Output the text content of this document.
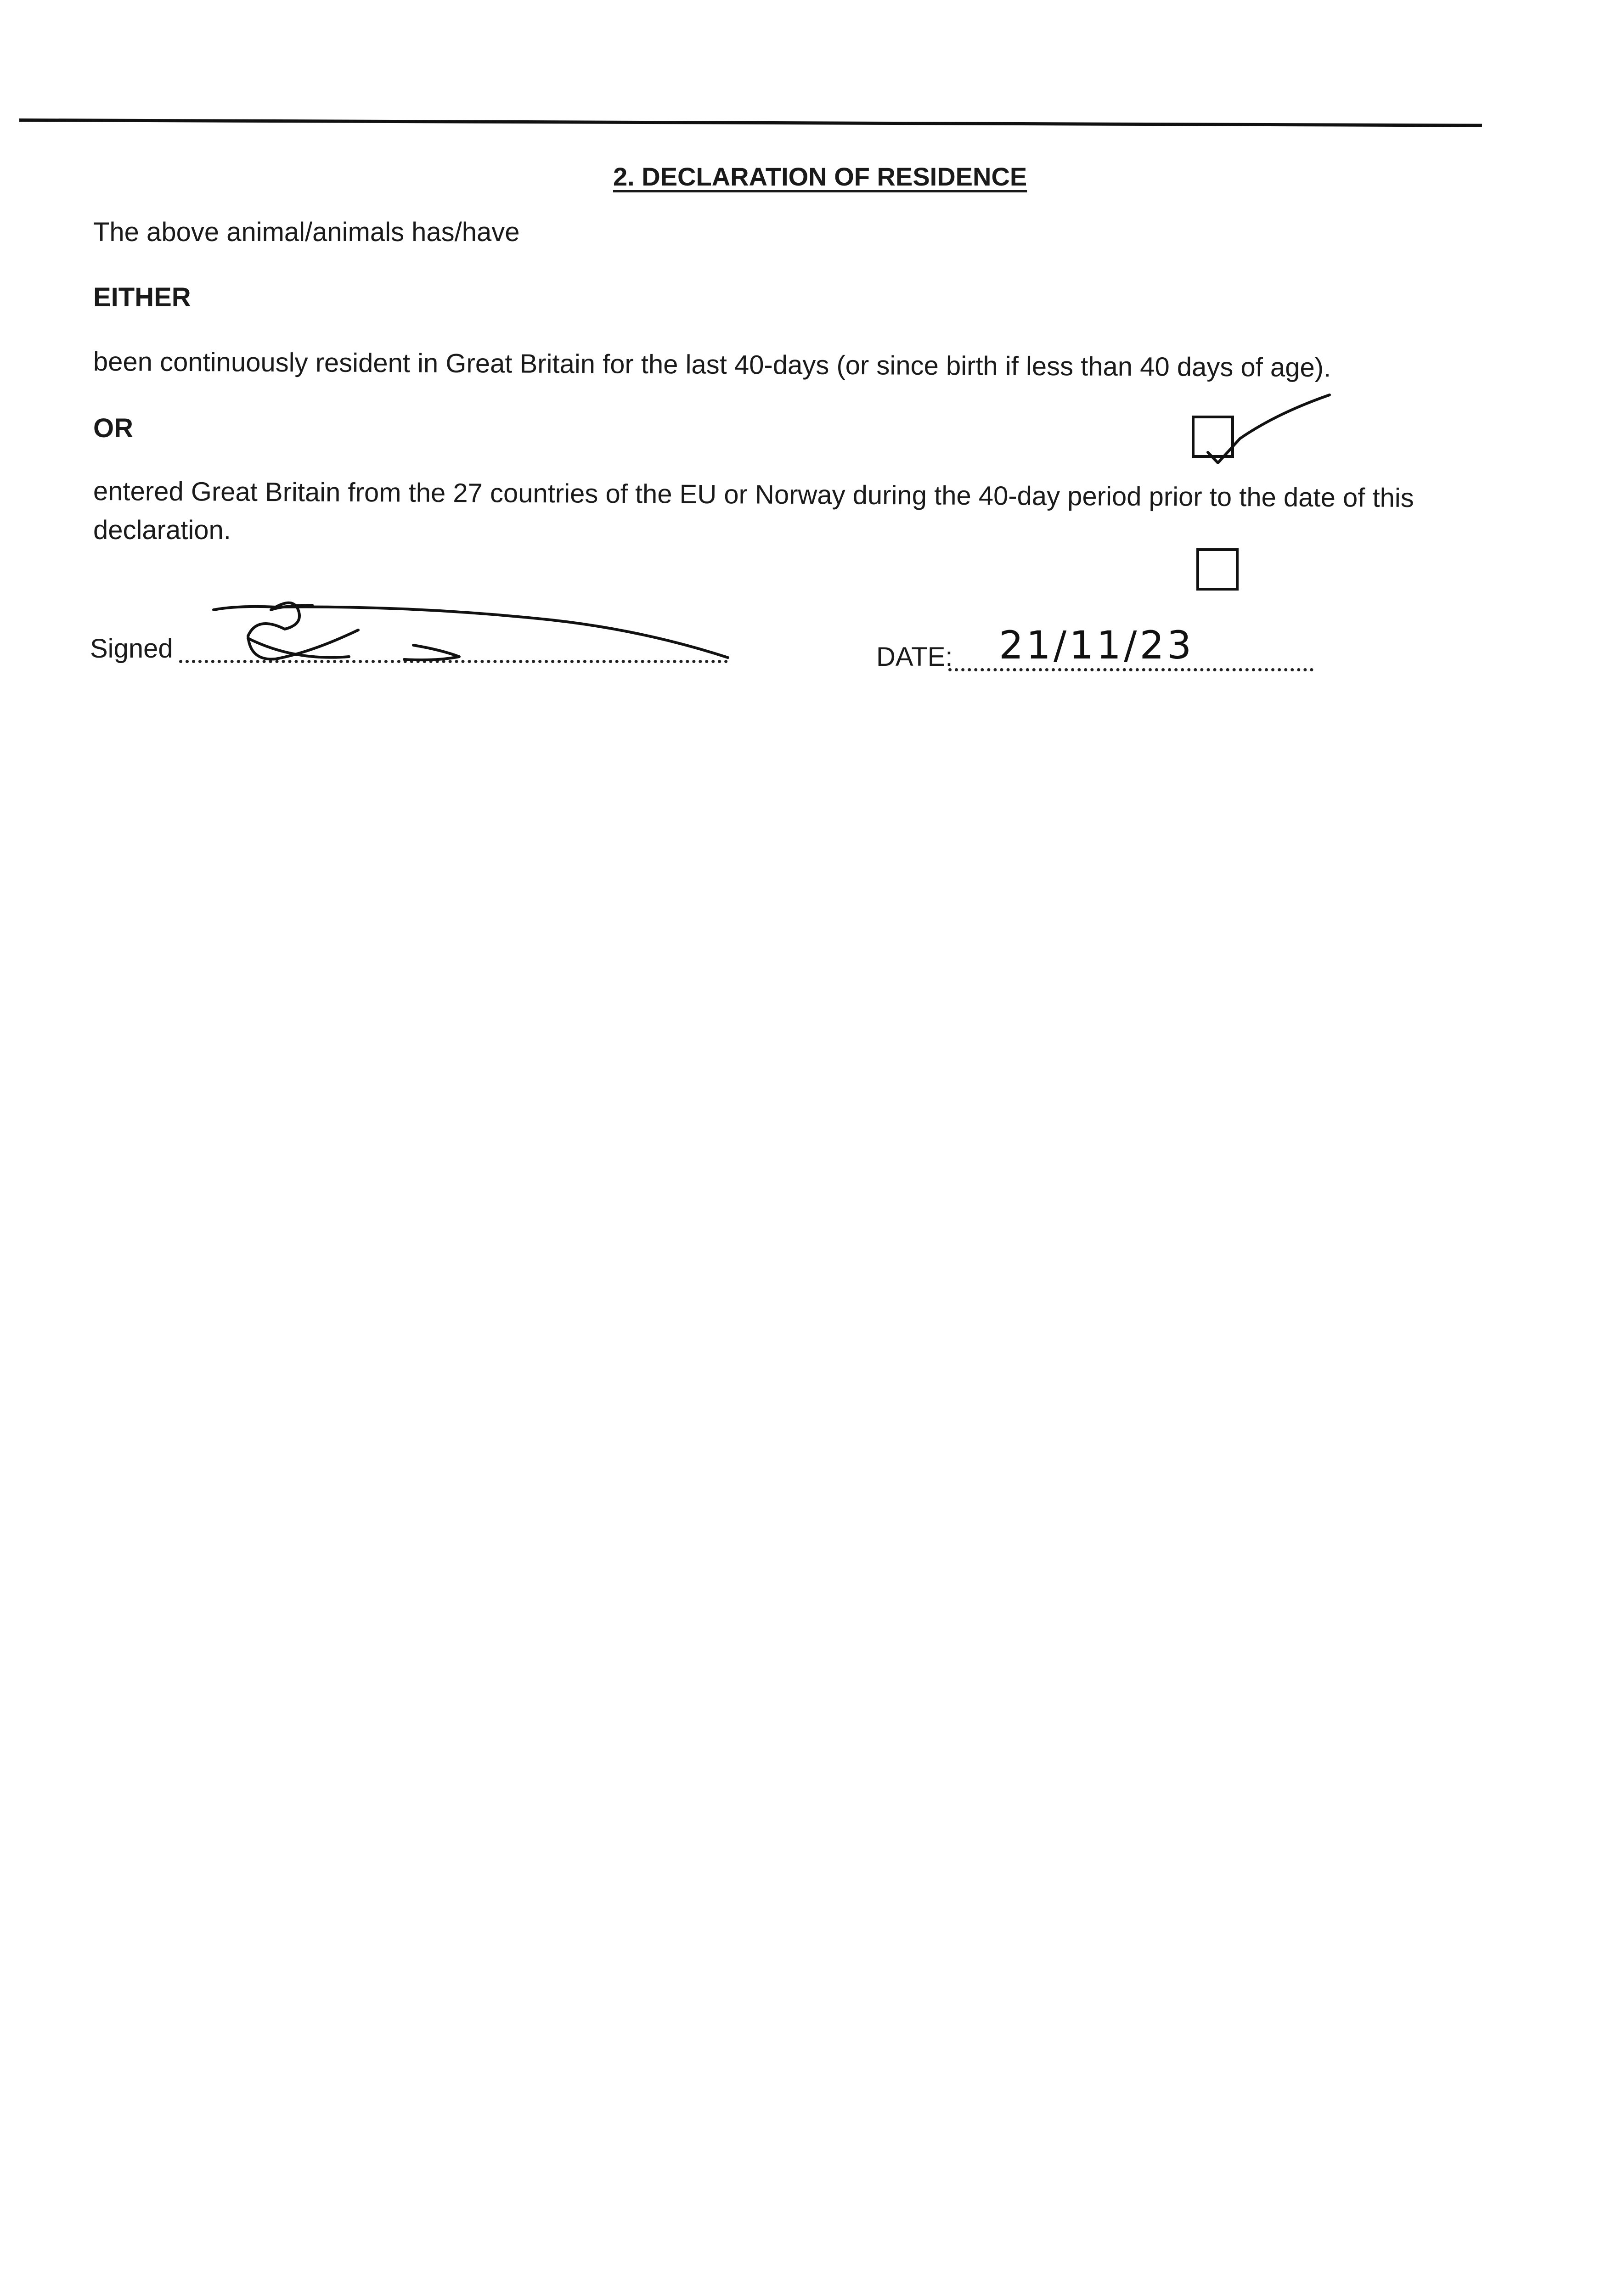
2. DECLARATION OF RESIDENCE
The above animal/animals has/have
EITHER
been continuously resident in Great Britain for the last 40-days (or since birth if less than 40 days of age).
OR
entered Great Britain from the 27 countries of the EU or Norway during the 40-day period prior to the date of this
declaration.
Signed	DATE: 21/11/23
